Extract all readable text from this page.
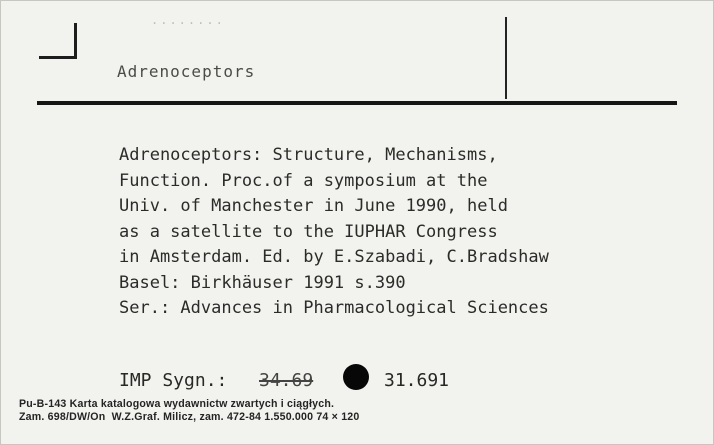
........
Adrenoceptors
Adrenoceptors: Structure, Mechanisms,
Function. Proc.of a symposium at the
Univ. of Manchester in June 1990, held
as a satellite to the IUPHAR Congress
in Amsterdam. Ed. by E.Szabadi, C.Bradshaw
Basel: Birkhäuser 1991 s.390
Ser.: Advances in Pharmacological Sciences

IMP Sygn.:

34.69

	31.691

Pu-B-143 Karta katalogowa wydawnictw zwartych i ciągłych.
Zam. 698/DW/On  W.Z.Graf. Milicz, zam. 472-84 1.550.000 74 × 120
